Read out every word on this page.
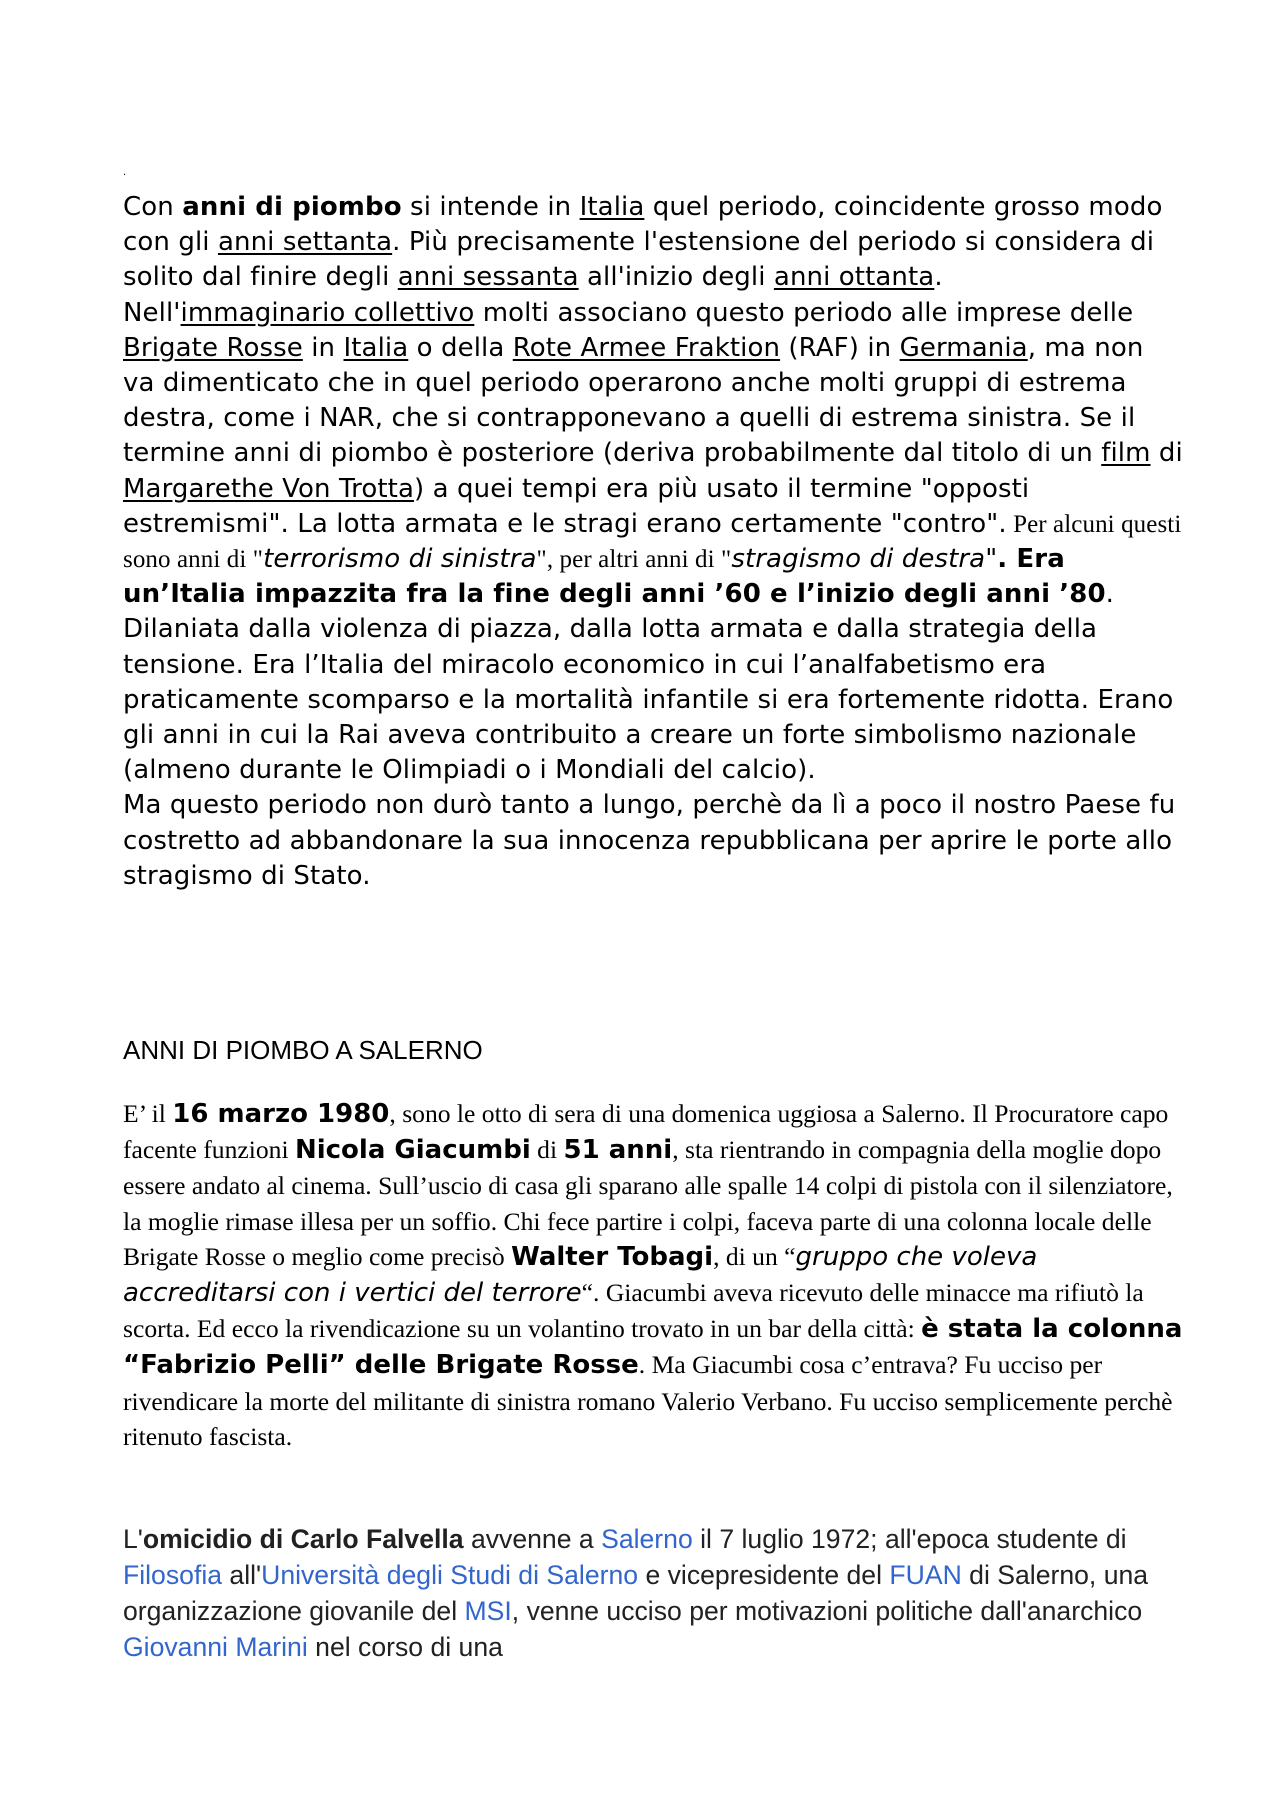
.
Con anni di piombo si intende in Italia quel periodo, coincidente grosso modo con gli anni settanta. Più precisamente l'estensione del periodo si considera di solito dal finire degli anni sessanta all'inizio degli anni ottanta.
Nell'immaginario collettivo molti associano questo periodo alle imprese delle Brigate Rosse in Italia o della Rote Armee Fraktion (RAF) in Germania, ma non va dimenticato che in quel periodo operarono anche molti gruppi di estrema destra, come i NAR, che si contrapponevano a quelli di estrema sinistra. Se il termine anni di piombo è posteriore (deriva probabilmente dal titolo di un film di Margarethe Von Trotta) a quei tempi era più usato il termine "opposti estremismi". La lotta armata e le stragi erano certamente "contro". Per alcuni questi sono anni di "terrorismo di sinistra", per altri anni di "stragismo di destra". Era un’Italia impazzita fra la fine degli anni ’60 e l’inizio degli anni ’80. Dilaniata dalla violenza di piazza, dalla lotta armata e dalla strategia della tensione. Era l’Italia del miracolo economico in cui l’analfabetismo era praticamente scomparso e la mortalità infantile si era fortemente ridotta. Erano gli anni in cui la Rai aveva contribuito a creare un forte simbolismo nazionale (almeno durante le Olimpiadi o i Mondiali del calcio).
Ma questo periodo non durò tanto a lungo, perchè da lì a poco il nostro Paese fu costretto ad abbandonare la sua innocenza repubblicana per aprire le porte allo stragismo di Stato.
ANNI DI PIOMBO A SALERNO
E’ il 16 marzo 1980, sono le otto di sera di una domenica uggiosa a Salerno. Il Procuratore capo facente funzioni Nicola Giacumbi di 51 anni, sta rientrando in compagnia della moglie dopo essere andato al cinema. Sull’uscio di casa gli sparano alle spalle 14 colpi di pistola con il silenziatore, la moglie rimase illesa per un soffio. Chi fece partire i colpi, faceva parte di una colonna locale delle Brigate Rosse o meglio come precisò Walter Tobagi, di un “gruppo che voleva accreditarsi con i vertici del terrore“. Giacumbi aveva ricevuto delle minacce ma rifiutò la scorta. Ed ecco la rivendicazione su un volantino trovato in un bar della città: è stata la colonna “Fabrizio Pelli” delle Brigate Rosse. Ma Giacumbi cosa c’entrava? Fu ucciso per rivendicare la morte del militante di sinistra romano Valerio Verbano. Fu ucciso semplicemente perchè ritenuto fascista.
L'omicidio di Carlo Falvella avvenne a Salerno il 7 luglio 1972; all'epoca studente di Filosofia all'Università degli Studi di Salerno e vicepresidente del FUAN di Salerno, una organizzazione giovanile del MSI, venne ucciso per motivazioni politiche dall'anarchico Giovanni Marini nel corso di una
